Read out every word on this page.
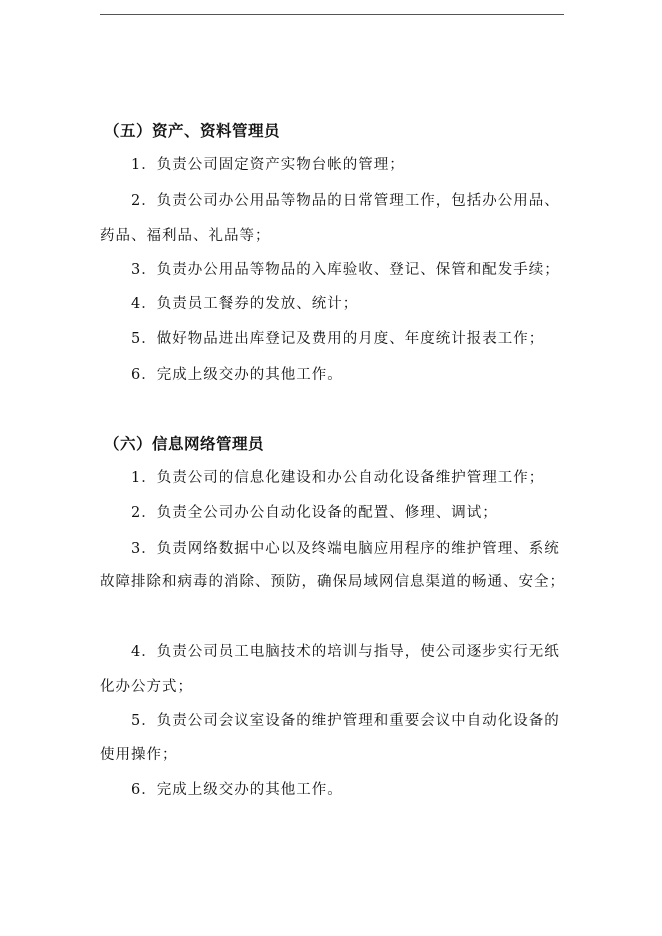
（五）资产、资料管理员

1．负责公司固定资产实物台帐的管理；

2．负责公司办公用品等物品的日常管理工作，包括办公用品、

药品、福利品、礼品等；

3．负责办公用品等物品的入库验收、登记、保管和配发手续；

4．负责员工餐券的发放、统计；

5．做好物品进出库登记及费用的月度、年度统计报表工作；

6．完成上级交办的其他工作。

（六）信息网络管理员

1．负责公司的信息化建设和办公自动化设备维护管理工作；

2．负责全公司办公自动化设备的配置、修理、调试；

3．负责网络数据中心以及终端电脑应用程序的维护管理、系统

故障排除和病毒的消除、预防，确保局域网信息渠道的畅通、安全；

4．负责公司员工电脑技术的培训与指导，使公司逐步实行无纸

化办公方式；

5．负责公司会议室设备的维护管理和重要会议中自动化设备的

使用操作；

6．完成上级交办的其他工作。
